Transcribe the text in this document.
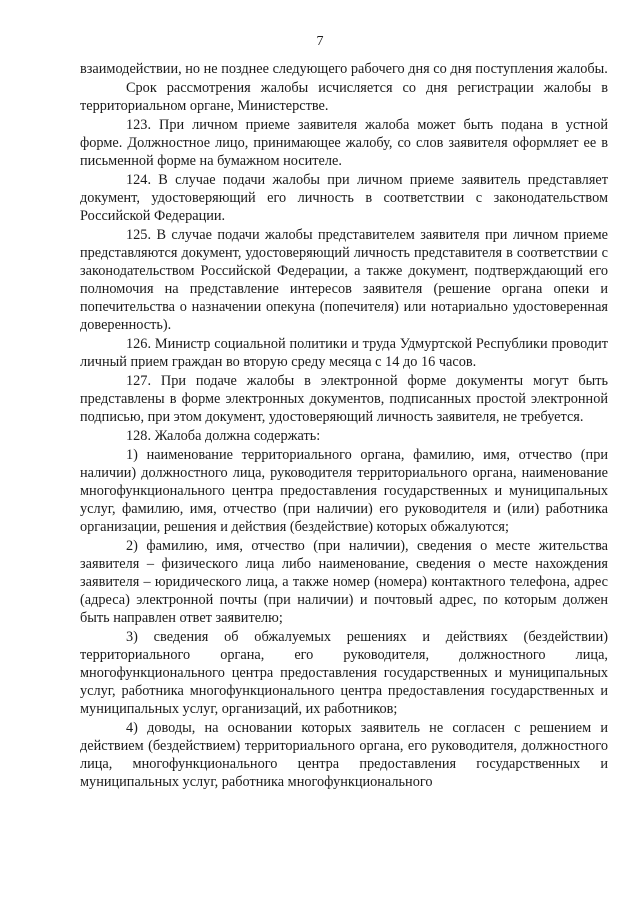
7

взаимодействии, но не позднее следующего рабочего дня со дня поступления жалобы.

Срок рассмотрения жалобы исчисляется со дня регистрации жалобы в территориальном органе, Министерстве.

123. При личном приеме заявителя жалоба может быть подана в устной форме. Должностное лицо, принимающее жалобу, со слов заявителя оформляет ее в письменной форме на бумажном носителе.

124. В случае подачи жалобы при личном приеме заявитель представляет документ, удостоверяющий его личность в соответствии с законодательством Российской Федерации.

125. В случае подачи жалобы представителем заявителя при личном приеме представляются документ, удостоверяющий личность представителя в соответствии с законодательством Российской Федерации, а также документ, подтверждающий его полномочия на представление интересов заявителя (решение органа опеки и попечительства о назначении опекуна (попечителя) или нотариально удостоверенная доверенность).

126. Министр социальной политики и труда Удмуртской Республики проводит личный прием граждан во вторую среду месяца с 14 до 16 часов.

127. При подаче жалобы в электронной форме документы могут быть представлены в форме электронных документов, подписанных простой электронной подписью, при этом документ, удостоверяющий личность заявителя, не требуется.

128. Жалоба должна содержать:

1) наименование территориального органа, фамилию, имя, отчество (при наличии) должностного лица, руководителя территориального органа, наименование многофункционального центра предоставления государственных и муниципальных услуг, фамилию, имя, отчество (при наличии) его руководителя и (или) работника организации, решения и действия (бездействие) которых обжалуются;

2) фамилию, имя, отчество (при наличии), сведения о месте жительства заявителя – физического лица либо наименование, сведения о месте нахождения заявителя – юридического лица, а также номер (номера) контактного телефона, адрес (адреса) электронной почты (при наличии) и почтовый адрес, по которым должен быть направлен ответ заявителю;

3) сведения об обжалуемых решениях и действиях (бездействии) территориального органа, его руководителя, должностного лица, многофункционального центра предоставления государственных и муниципальных услуг, работника многофункционального центра предоставления государственных и муниципальных услуг, организаций, их работников;

4) доводы, на основании которых заявитель не согласен с решением и действием (бездействием) территориального органа, его руководителя, должностного лица, многофункционального центра предоставления государственных и муниципальных услуг, работника многофункционального
